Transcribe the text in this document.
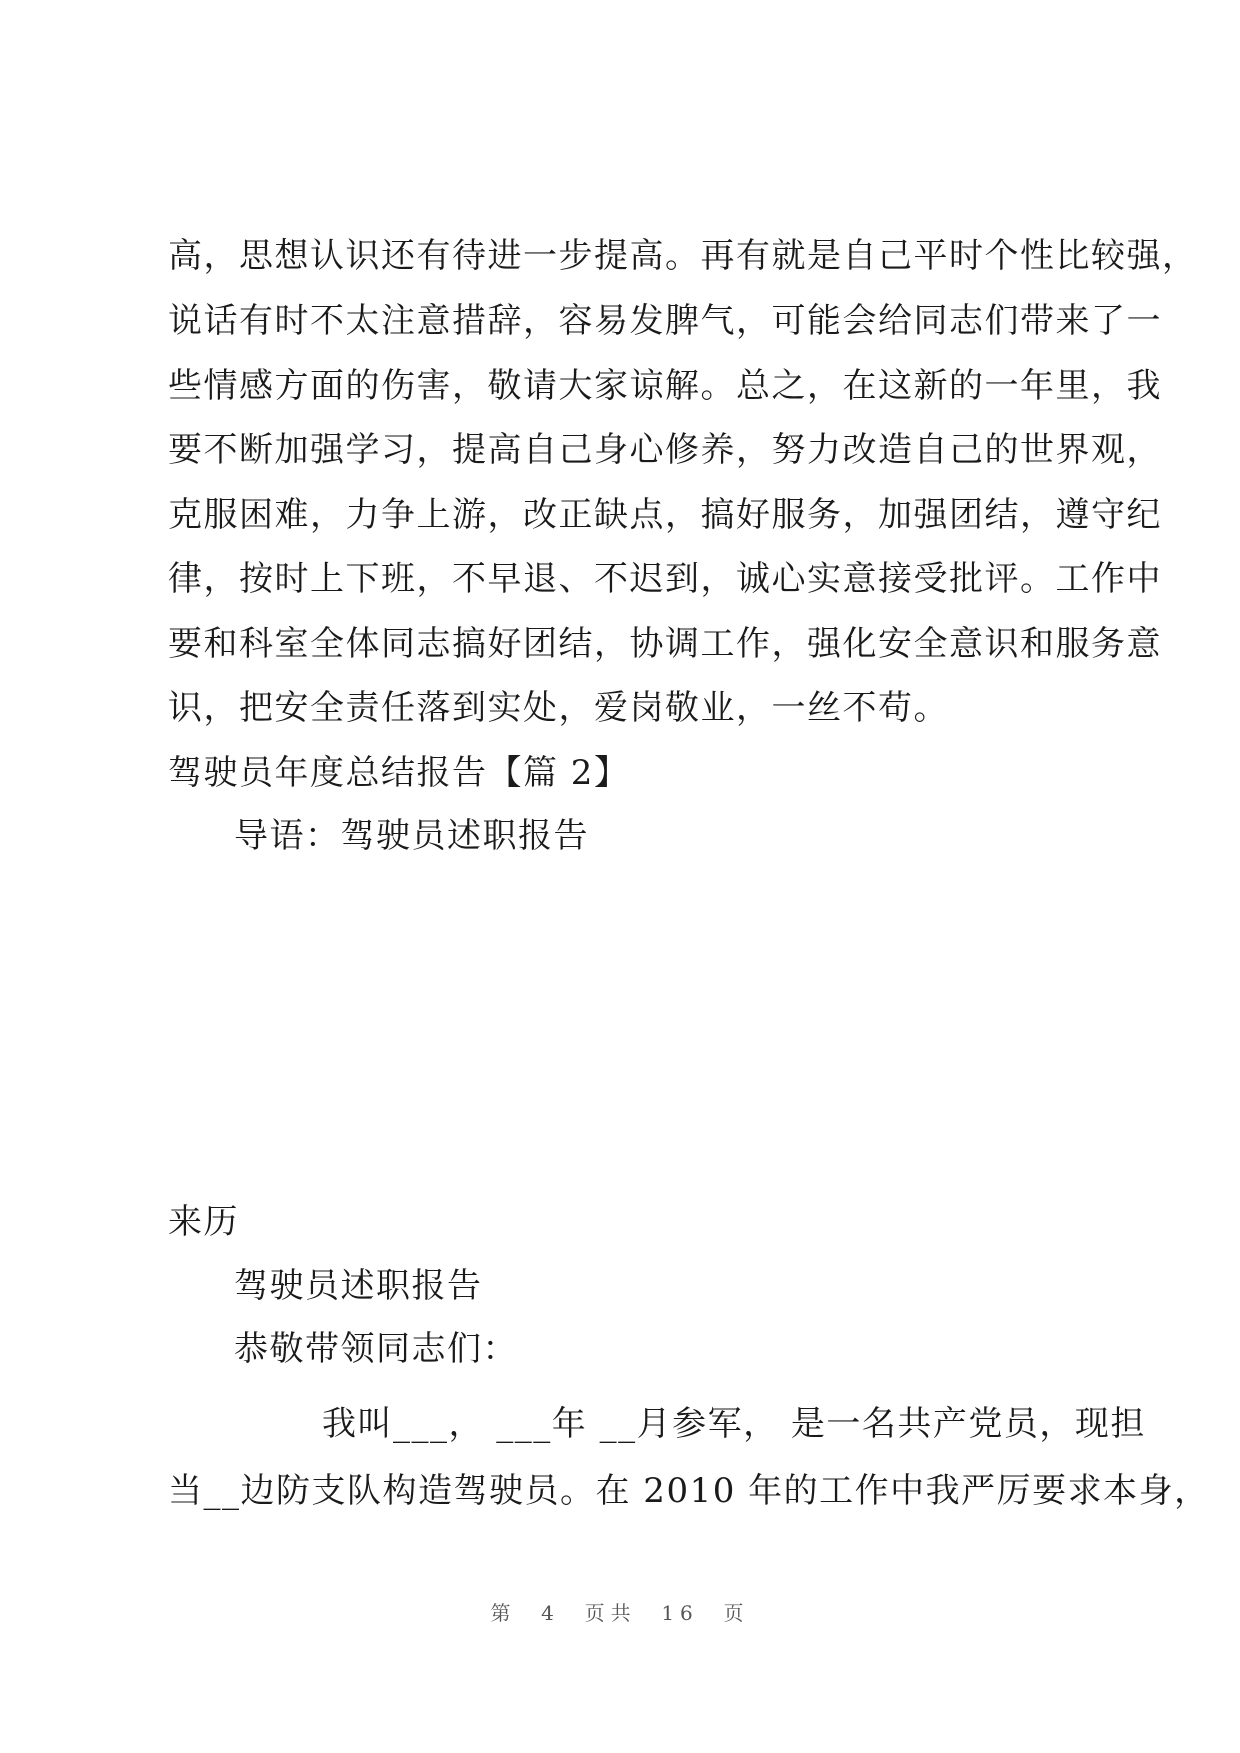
高，思想认识还有待进一步提高。再有就是自己平时个性比较强，
说话有时不太注意措辞，容易发脾气，可能会给同志们带来了一
些情感方面的伤害，敬请大家谅解。总之，在这新的一年里，我
要不断加强学习，提高自己身心修养，努力改造自己的世界观，
克服困难，力争上游，改正缺点，搞好服务，加强团结，遵守纪
律，按时上下班，不早退、不迟到，诚心实意接受批评。工作中
要和科室全体同志搞好团结，协调工作，强化安全意识和服务意
识，把安全责任落到实处，爱岗敬业，一丝不苟。
驾驶员年度总结报告【篇 2】
导语：驾驶员述职报告
来历
驾驶员述职报告
恭敬带领同志们：
我叫___， ___年 __月参军， 是一名共产党员，现担
当__边防支队构造驾驶员。在 2010 年的工作中我严厉要求本身，
第  4  页共  16  页
